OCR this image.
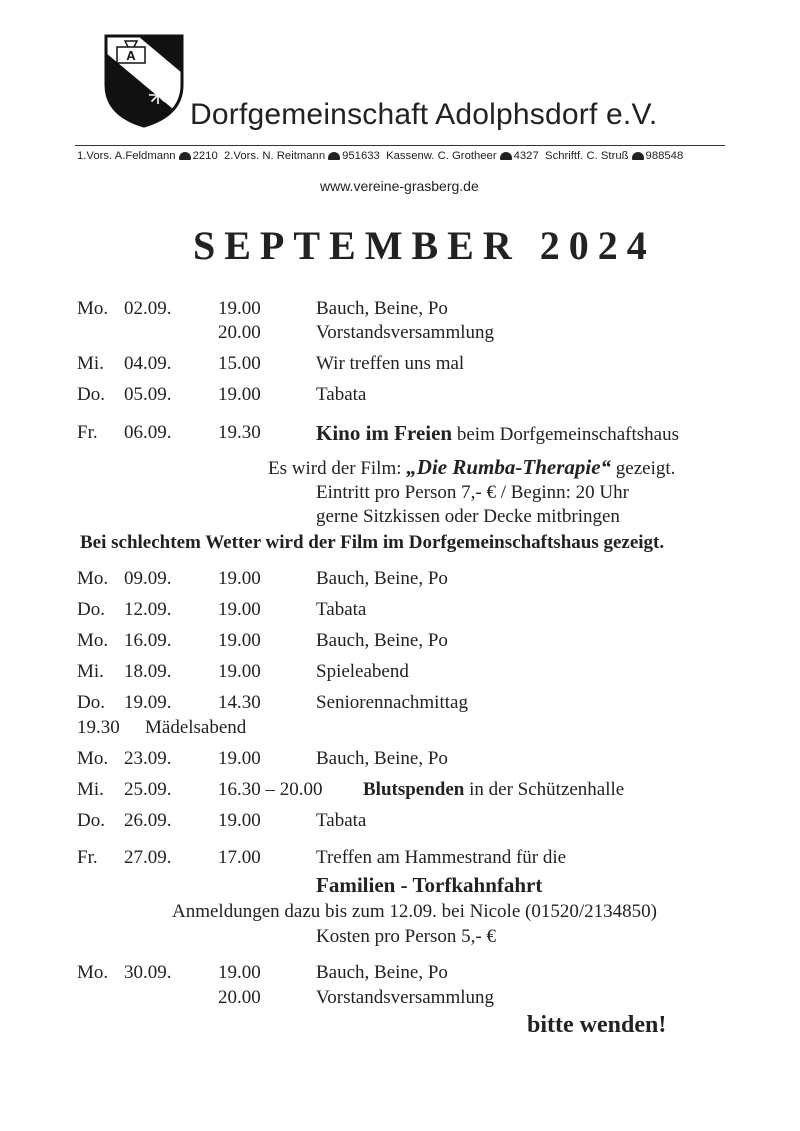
A
Dorfgemeinschaft Adolphsdorf e.V.
1.Vors. A.Feldmann 2210 2.Vors. N. Reitmann 951633 Kassenw. C. Grotheer 4327 Schriftf. C. Struß 988548
www.vereine-grasberg.de
SEPTEMBER 2024
Mo. 02.09. 19.00	Bauch, Beine, Po
20.00	Vorstandsversammlung
Mi. 04.09. 15.00	Wir treffen uns mal
Do. 05.09. 19.00	Tabata
Fr. 06.09. 19.30	Kino im Freien beim Dorfgemeinschaftshaus
Es wird der Film: „Die Rumba-Therapie“ gezeigt.
Eintritt pro Person 7,- € / Beginn: 20 Uhr
gerne Sitzkissen oder Decke mitbringen
Bei schlechtem Wetter wird der Film im Dorfgemeinschaftshaus gezeigt.
Mo. 09.09. 19.00	Bauch, Beine, Po
Do. 12.09. 19.00	Tabata
Mo. 16.09. 19.00	Bauch, Beine, Po
Mi. 18.09. 19.00	Spieleabend
Do. 19.09. 14.30	Seniorennachmittag
19.30 Mädelsabend
Mo. 23.09. 19.00	Bauch, Beine, Po
Mi. 25.09. 16.30 – 20.00 Blutspenden in der Schützenhalle
Do. 26.09. 19.00	Tabata
Fr. 27.09. 17.00	Treffen am Hammestrand für die
Familien - Torfkahnfahrt
Anmeldungen dazu bis zum 12.09. bei Nicole (01520/2134850)
Kosten pro Person 5,- €
Mo. 30.09. 19.00	Bauch, Beine, Po
20.00	Vorstandsversammlung
bitte wenden!
